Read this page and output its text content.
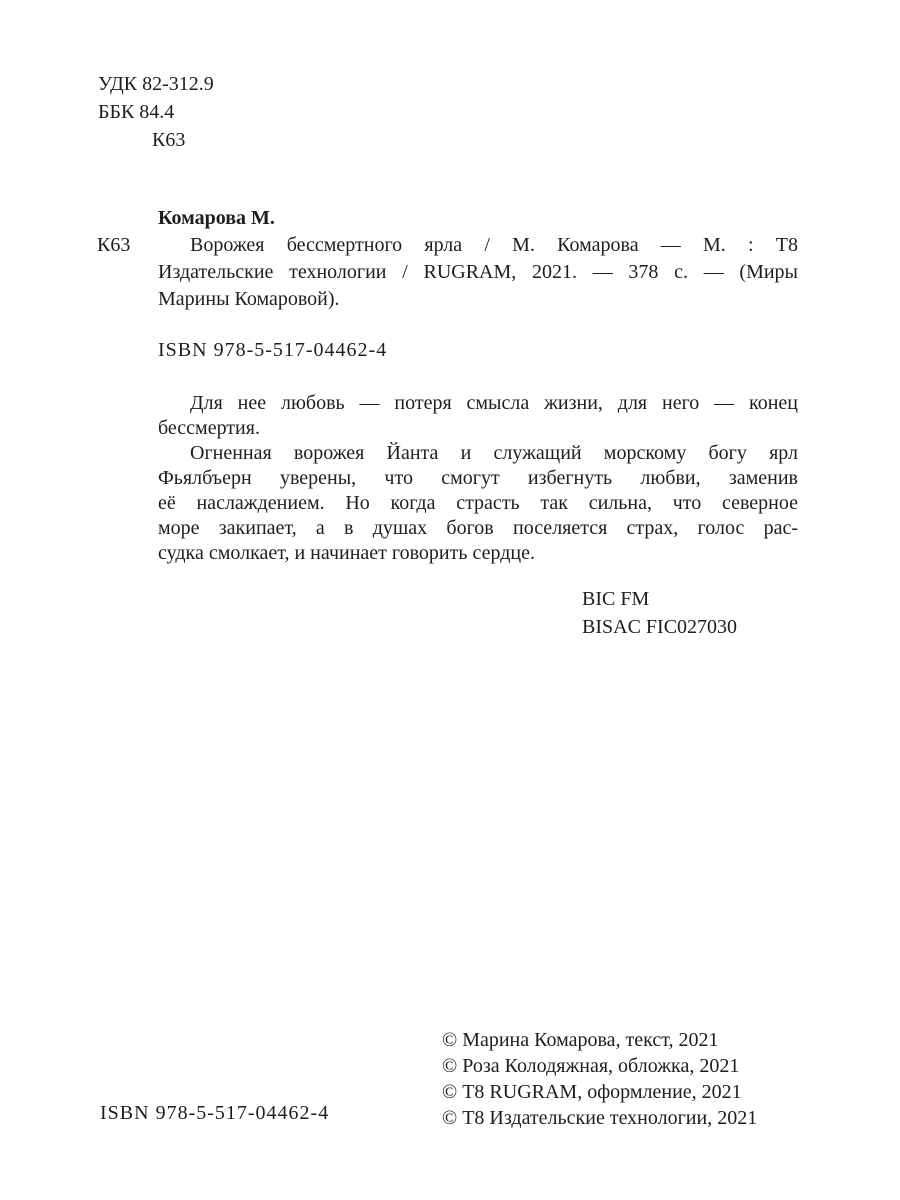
УДК 82-312.9
ББК 84.4
К63
К63
Комарова М.
Ворожея бессмертного ярла / М. Комарова — М. : Т8
Издательские технологии / RUGRAM, 2021. — 378 с. — (Миры
Марины Комаровой).
ISBN 978-5-517-04462-4
Для нее любовь — потеря смысла жизни, для него — конец
бессмертия.
Огненная ворожея Йанта и служащий морскому богу ярл
Фьялбъерн уверены, что смогут избегнуть любви, заменив
её наслаждением. Но когда страсть так сильна, что северное
море закипает, а в душах богов поселяется страх, голос рас-
судка смолкает, и начинает говорить сердце.
BIC FM
BISAC FIC027030
© Марина Комарова, текст, 2021
© Роза Колодяжная, обложка, 2021
© Т8 RUGRAM, оформление, 2021
© Т8 Издательские технологии, 2021
ISBN 978-5-517-04462-4
